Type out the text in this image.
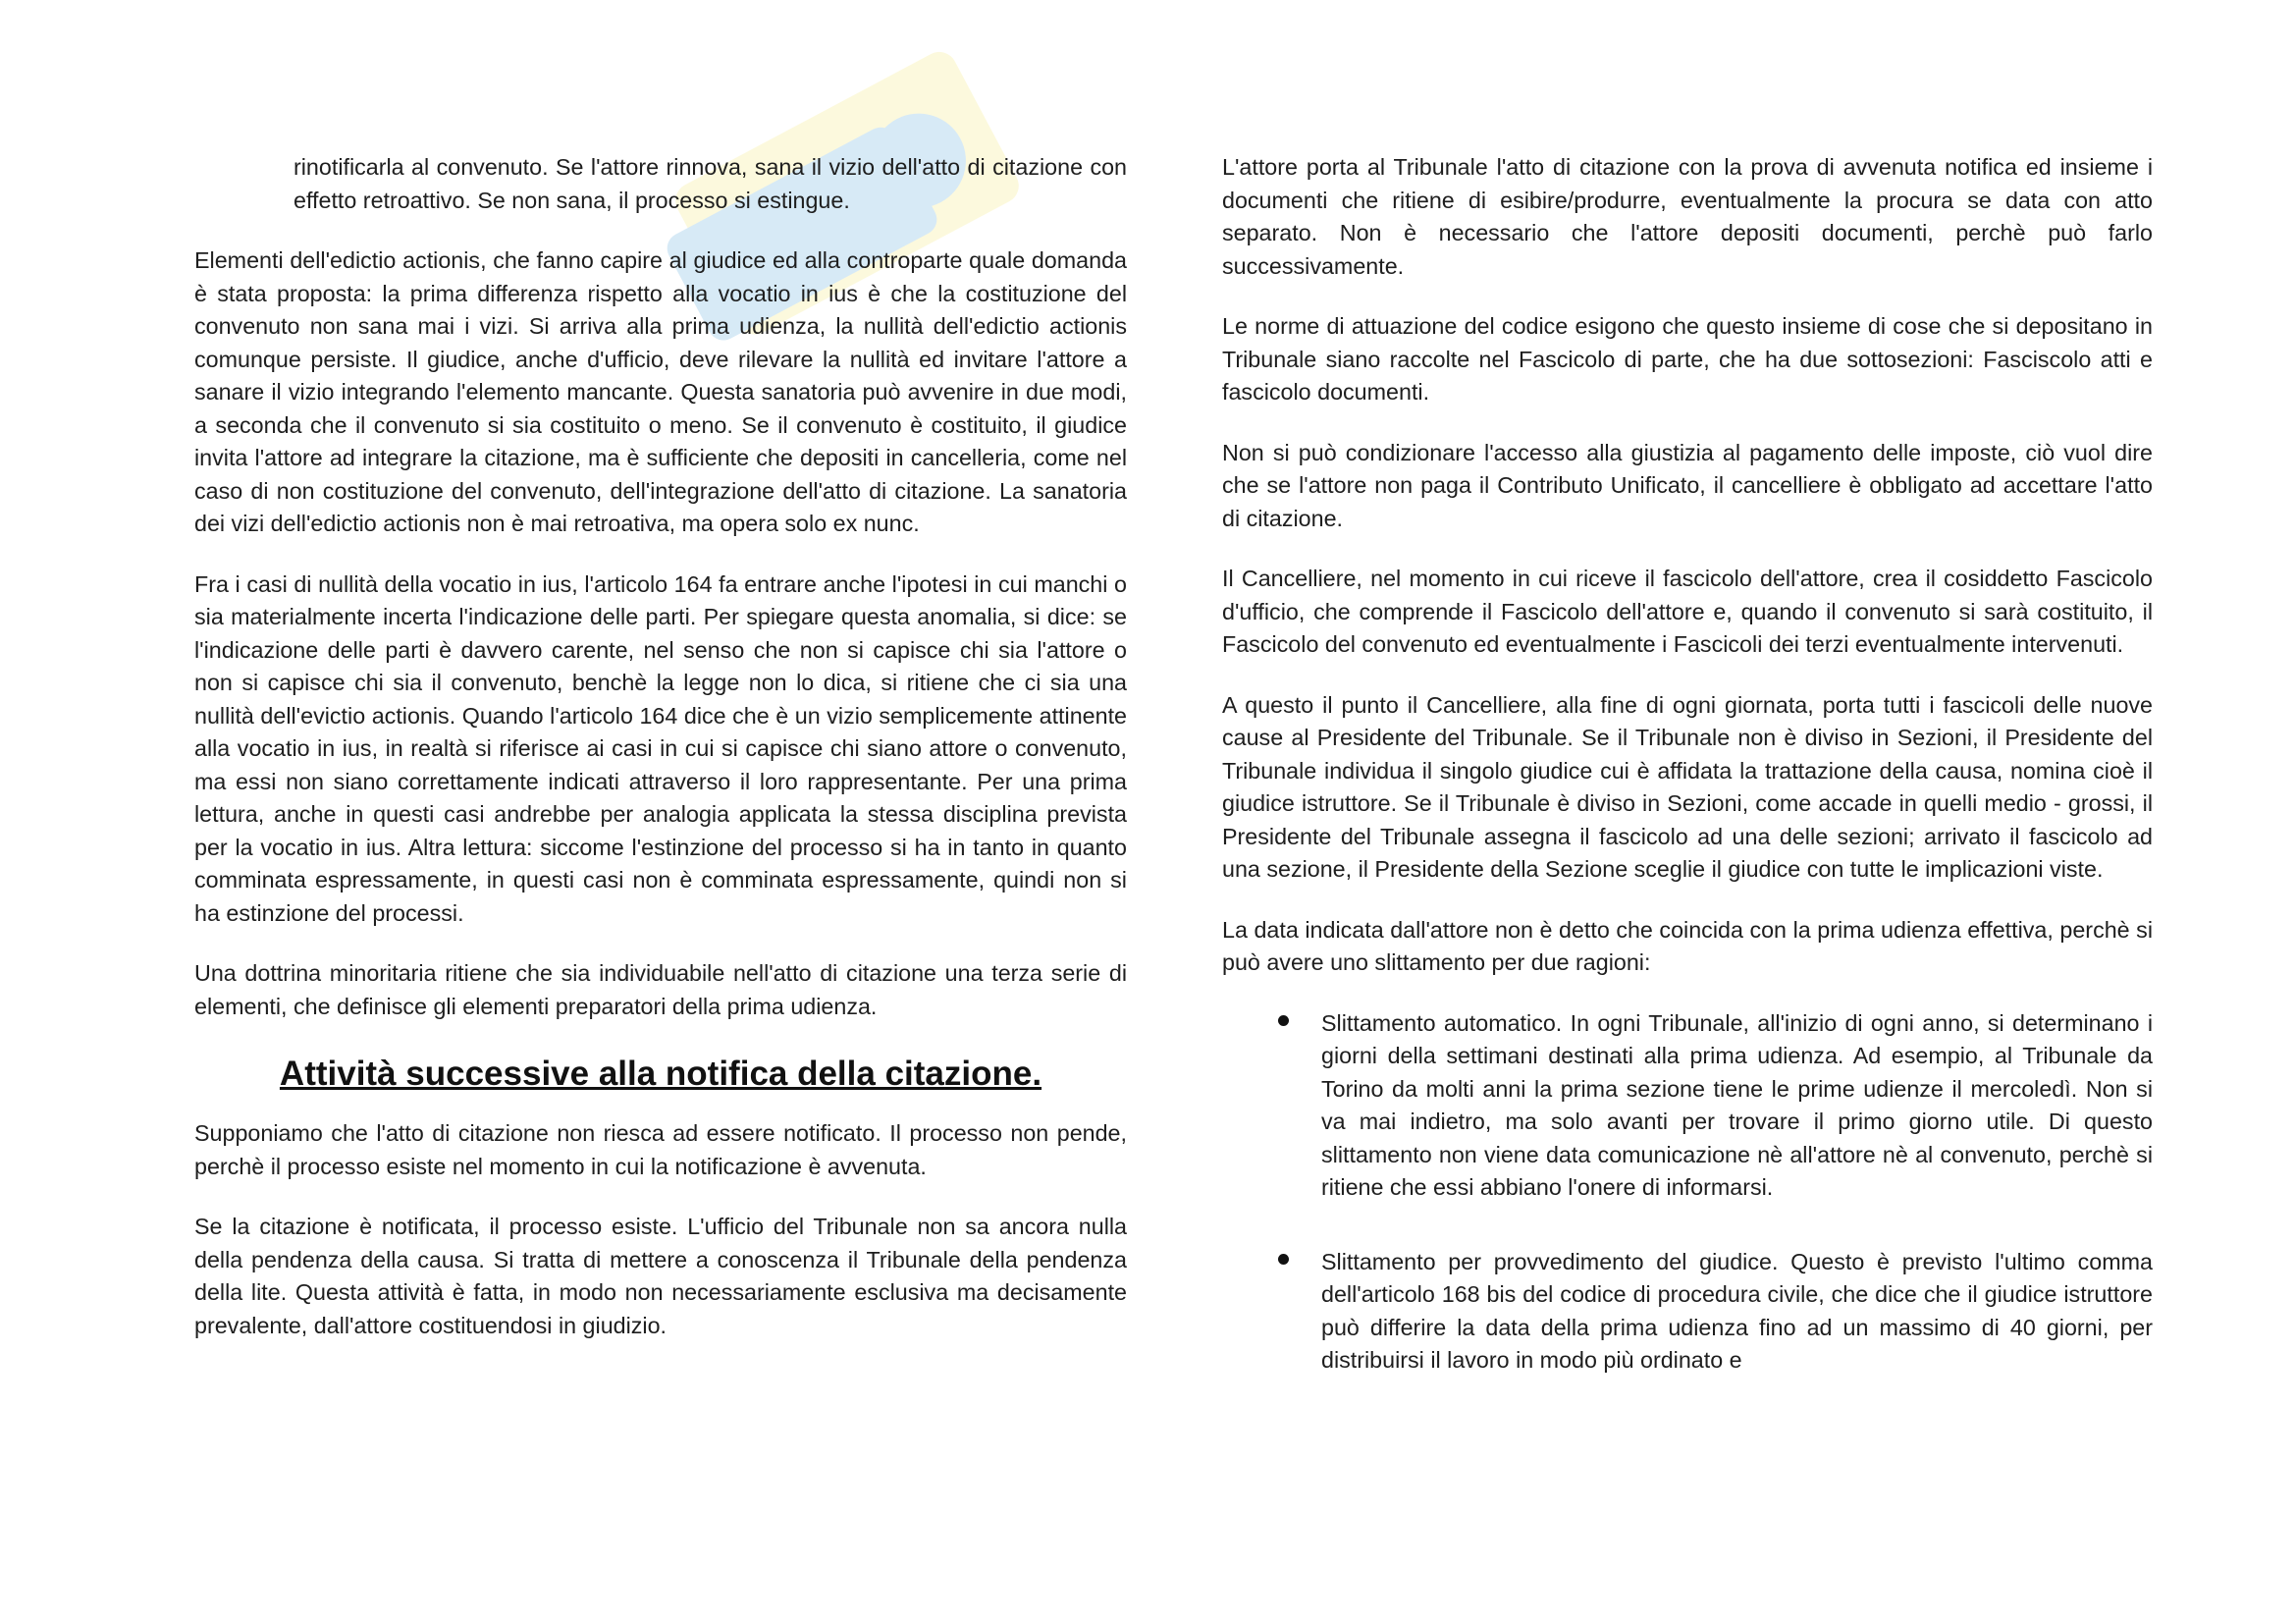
rinotificarla al convenuto. Se l'attore rinnova, sana il vizio dell'atto di citazione con effetto retroattivo. Se non sana, il processo si estingue.

Elementi dell'edictio actionis, che fanno capire al giudice ed alla controparte quale domanda è stata proposta: la prima differenza rispetto alla vocatio in ius è che la costituzione del convenuto non sana mai i vizi. Si arriva alla prima udienza, la nullità dell'edictio actionis comunque persiste. Il giudice, anche d'ufficio, deve rilevare la nullità ed invitare l'attore a sanare il vizio integrando l'elemento mancante. Questa sanatoria può avvenire in due modi, a seconda che il convenuto si sia costituito o meno. Se il convenuto è costituito, il giudice invita l'attore ad integrare la citazione, ma è sufficiente che depositi in cancelleria, come nel caso di non costituzione del convenuto, dell'integrazione dell'atto di citazione. La sanatoria dei vizi dell'edictio actionis non è mai retroativa, ma opera solo ex nunc.

Fra i casi di nullità della vocatio in ius, l'articolo 164 fa entrare anche l'ipotesi in cui manchi o sia materialmente incerta l'indicazione delle parti. Per spiegare questa anomalia, si dice: se l'indicazione delle parti è davvero carente, nel senso che non si capisce chi sia l'attore o non si capisce chi sia il convenuto, benchè la legge non lo dica, si ritiene che ci sia una nullità dell'evictio actionis. Quando l'articolo 164 dice che è un vizio semplicemente attinente alla vocatio in ius, in realtà si riferisce ai casi in cui si capisce chi siano attore o convenuto, ma essi non siano correttamente indicati attraverso il loro rappresentante. Per una prima lettura, anche in questi casi andrebbe per analogia applicata la stessa disciplina prevista per la vocatio in ius. Altra lettura: siccome l'estinzione del processo si ha in tanto in quanto comminata espressamente, in questi casi non è comminata espressamente, quindi non si ha estinzione del processi.

Una dottrina minoritaria ritiene che sia individuabile nell'atto di citazione una terza serie di elementi, che definisce gli elementi preparatori della prima udienza.

Attività successive alla notifica della citazione.

Supponiamo che l'atto di citazione non riesca ad essere notificato. Il processo non pende, perchè il processo esiste nel momento in cui la notificazione è avvenuta.

Se la citazione è notificata, il processo esiste. L'ufficio del Tribunale non sa ancora nulla della pendenza della causa. Si tratta di mettere a conoscenza il Tribunale della pendenza della lite. Questa attività è fatta, in modo non necessariamente esclusiva ma decisamente prevalente, dall'attore costituendosi in giudizio.

L'attore porta al Tribunale l'atto di citazione con la prova di avvenuta notifica ed insieme i documenti che ritiene di esibire/produrre, eventualmente la procura se data con atto separato. Non è necessario che l'attore depositi documenti, perchè può farlo successivamente.

Le norme di attuazione del codice esigono che questo insieme di cose che si depositano in Tribunale siano raccolte nel Fascicolo di parte, che ha due sottosezioni: Fasciscolo atti e fascicolo documenti.

Non si può condizionare l'accesso alla giustizia al pagamento delle imposte, ciò vuol dire che se l'attore non paga il Contributo Unificato, il cancelliere è obbligato ad accettare l'atto di citazione.

Il Cancelliere, nel momento in cui riceve il fascicolo dell'attore, crea il cosiddetto Fascicolo d'ufficio, che comprende il Fascicolo dell'attore e, quando il convenuto si sarà costituito, il Fascicolo del convenuto ed eventualmente i Fascicoli dei terzi eventualmente intervenuti.

A questo il punto il Cancelliere, alla fine di ogni giornata, porta tutti i fascicoli delle nuove cause al Presidente del Tribunale. Se il Tribunale non è diviso in Sezioni, il Presidente del Tribunale individua il singolo giudice cui è affidata la trattazione della causa, nomina cioè il giudice istruttore. Se il Tribunale è diviso in Sezioni, come accade in quelli medio - grossi, il Presidente del Tribunale assegna il fascicolo ad una delle sezioni; arrivato il fascicolo ad una sezione, il Presidente della Sezione sceglie il giudice con tutte le implicazioni viste.

La data indicata dall'attore non è detto che coincida con la prima udienza effettiva, perchè si può avere uno slittamento per due ragioni:

Slittamento automatico. In ogni Tribunale, all'inizio di ogni anno, si determinano i giorni della settimani destinati alla prima udienza. Ad esempio, al Tribunale da Torino da molti anni la prima sezione tiene le prime udienze il mercoledì. Non si va mai indietro, ma solo avanti per trovare il primo giorno utile. Di questo slittamento non viene data comunicazione nè all'attore nè al convenuto, perchè si ritiene che essi abbiano l'onere di informarsi.

Slittamento per provvedimento del giudice. Questo è previsto l'ultimo comma dell'articolo 168 bis del codice di procedura civile, che dice che il giudice istruttore può differire la data della prima udienza fino ad un massimo di 40 giorni, per distribuirsi il lavoro in modo più ordinato e
